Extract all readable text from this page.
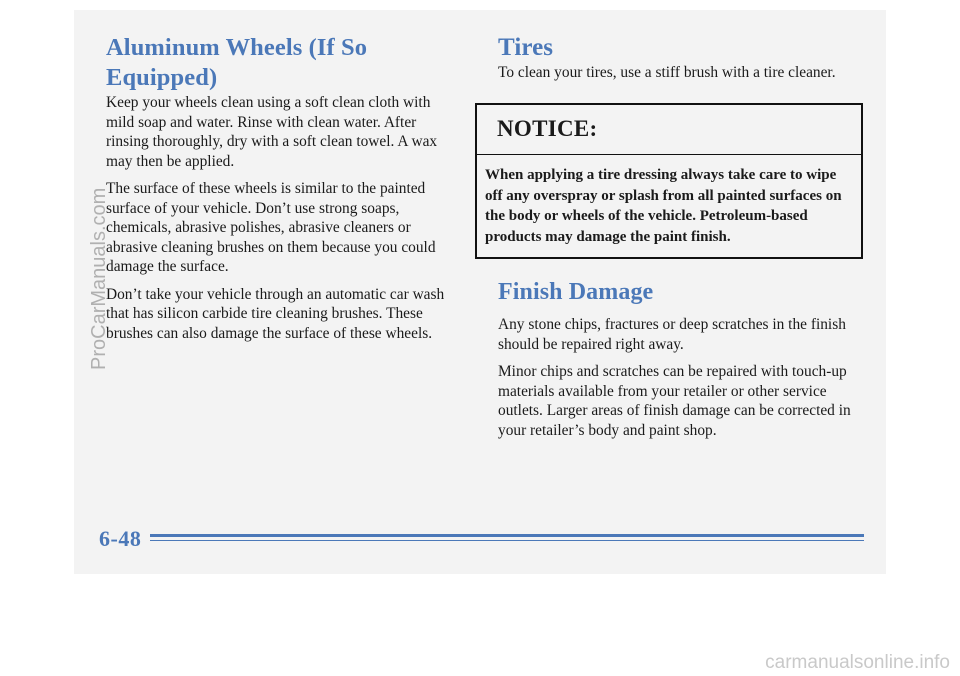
Aluminum Wheels (If So Equipped)

Keep your wheels clean using a soft clean cloth with mild soap and water. Rinse with clean water. After rinsing thoroughly, dry with a soft clean towel. A wax may then be applied.

The surface of these wheels is similar to the painted surface of your vehicle. Don’t use strong soaps, chemicals, abrasive polishes, abrasive cleaners or abrasive cleaning brushes on them because you could damage the surface.

Don’t take your vehicle through an automatic car wash that has silicon carbide tire cleaning brushes. These brushes can also damage the surface of these wheels.

Tires

To clean your tires, use a stiff brush with a tire cleaner.

NOTICE:
When applying a tire dressing always take care to wipe off any overspray or splash from all painted surfaces on the body or wheels of the vehicle. Petroleum-based products may damage the paint finish.
Finish Damage

Any stone chips, fractures or deep scratches in the finish should be repaired right away.

Minor chips and scratches can be repaired with touch-up materials available from your retailer or other service outlets. Larger areas of finish damage can be corrected in your retailer’s body and paint shop.

6-48
ProCarManuals.com
carmanualsonline.info
